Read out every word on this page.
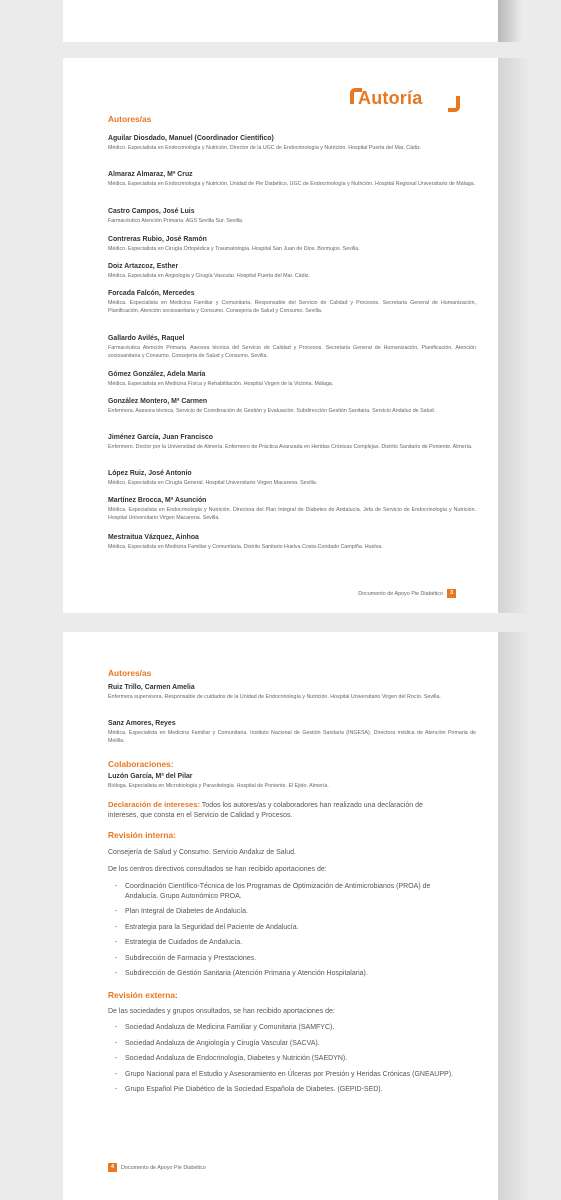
Autoría
Autores/as
Aguilar Diosdado, Manuel (Coordinador Científico)
Médico. Especialista en Endocrinología y Nutrición. Director de la UGC de Endocrinología y Nutrición. Hospital Puerta del Mar. Cádiz.
Almaraz Almaraz, Mª Cruz
Médica. Especialista en Endocrinología y Nutrición. Unidad de Pie Diabético, UGC de Endocrinología y Nutrición. Hospital Regional Universitario de Málaga.
Castro Campos, José Luis
Farmacéutico Atención Primaria. AGS Sevilla Sur. Sevilla.
Contreras Rubio, José Ramón
Médico. Especialista en Cirugía Ortopédica y Traumatología. Hospital San Juan de Dios. Bormujos. Sevilla.
Doiz Artazcoz, Esther
Médica. Especialista en Angiología y Cirugía Vascular. Hospital Puerta del Mar. Cádiz.
Forcada Falcón, Mercedes
Médica. Especialista en Medicina Familiar y Comunitaria. Responsable del Servicio de Calidad y Procesos. Secretaría General de Humanización, Planificación, Atención sociosanitaria y Consumo. Consejería de Salud y Consumo. Sevilla.
Gallardo Avilés, Raquel
Farmacéutica Atención Primaria. Asesora técnica del Servicio de Calidad y Procesos. Secretaría General de Humanización, Planificación, Atención sociosanitaria y Consumo. Consejería de Salud y Consumo. Sevilla.
Gómez González, Adela María
Médica. Especialista en Medicina Física y Rehabilitación. Hospital Virgen de la Victoria. Málaga.
González Montero, Mª Carmen
Enfermera. Asesora técnica. Servicio de Coordinación de Gestión y Evaluación. Subdirección Gestión Sanitaria. Servicio Andaluz de Salud.
Jiménez García, Juan Francisco
Enfermero. Doctor por la Universidad de Almería. Enfermero de Práctica Avanzada en Heridas Crónicas Complejas. Distrito Sanitario de Poniente. Almería.
López Ruiz, José Antonio
Médico. Especialista en Cirugía General. Hospital Universitario Virgen Macarena. Sevilla.
Martínez Brocca, Mª Asunción
Médica. Especialista en Endocrinología y Nutrición. Directora del Plan Integral de Diabetes de Andalucía. Jefa de Servicio de Endocrinología y Nutrición. Hospital Universitario Virgen Macarena. Sevilla.
Mestraitua Vázquez, Ainhoa
Médica. Especialista en Medicina Familiar y Comunitaria. Distrito Sanitario Huelva Costa-Condado Campiña. Huelva.
Documento de Apoyo Pie Diabético	3
Autores/as
Ruiz Trillo, Carmen Amelia
Enfermera supervisora. Responsable de cuidados de la Unidad de Endocrinología y Nutrición. Hospital Universitario Virgen del Rocío. Sevilla.
Sanz Amores, Reyes
Médica. Especialista en Medicina Familiar y Comunitaria. Instituto Nacional de Gestión Sanitaria (INGESA). Directora médica de Atención Primaria de Melilla.
Colaboraciones:
Luzón García, Mª del Pilar
Bióloga. Especialista en Microbiología y Parasitología. Hospital de Poniente. El Ejido. Almería.
Declaración de intereses: Todos los autores/as y colaboradores han realizado una declaración de intereses, que consta en el Servicio de Calidad y Procesos.
Revisión interna:
Consejería de Salud y Consumo. Servicio Andaluz de Salud.
De los centros directivos consultados se han recibido aportaciones de:
- Coordinación Científico-Técnica de los Programas de Optimización de Antimicrobianos (PROA) de Andalucía. Grupo Autonómico PROA.
- Plan Integral de Diabetes de Andalucía.
- Estrategia para la Seguridad del Paciente de Andalucía.
- Estrategia de Cuidados de Andalucía.
- Subdirección de Farmacia y Prestaciones.
- Subdirección de Gestión Sanitaria (Atención Primaria y Atención Hospitalaria).
Revisión externa:
De las sociedades y grupos onsultados, se han recibido aportaciones de:
- Sociedad Andaluza de Medicina Familiar y Comunitaria (SAMFYC).
- Sociedad Andaluza de Angiología y Cirugía Vascular (SACVA).
- Sociedad Andaluza de Endocrinología, Diabetes y Nutrición (SAEDYN).
- Grupo Nacional para el Estudio y Asesoramiento en Úlceras por Presión y Heridas Crónicas (GNEAUPP).
- Grupo Español Pie Diabético de la Sociedad Española de Diabetes. (GEPID-SED).
4	Documento de Apoyo Pie Diabético
